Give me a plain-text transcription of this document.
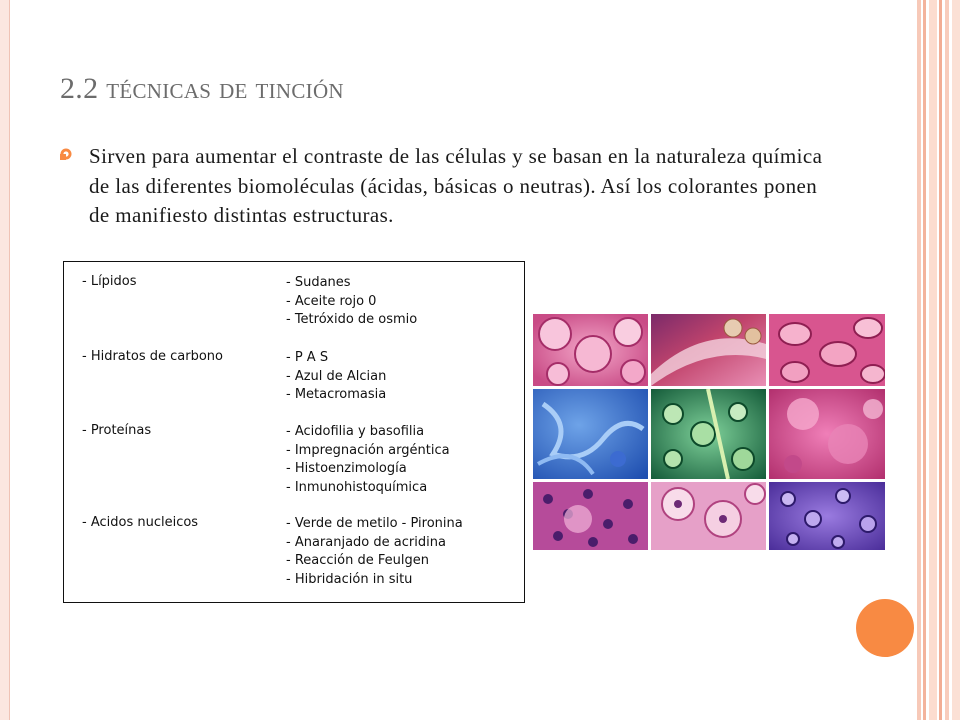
2.2 técnicas de tinción
Sirven para aumentar el contraste de las células y se basan en la naturaleza química de las diferentes biomoléculas (ácidas, básicas o neutras). Así los colorantes ponen de manifiesto distintas estructuras.
- Lípidos	- Sudanes
- Aceite rojo 0
- Tetróxido de osmio
- Hidratos de carbono	- P A S
- Azul de Alcian
- Metacromasia
- Proteínas	- Acidofilia y basofilia
- Impregnación argéntica
- Histoenzimología
- Inmunohistoquímica
- Acidos nucleicos	- Verde de metilo - Pironina
- Anaranjado de acridina
- Reacción de Feulgen
- Hibridación in situ
